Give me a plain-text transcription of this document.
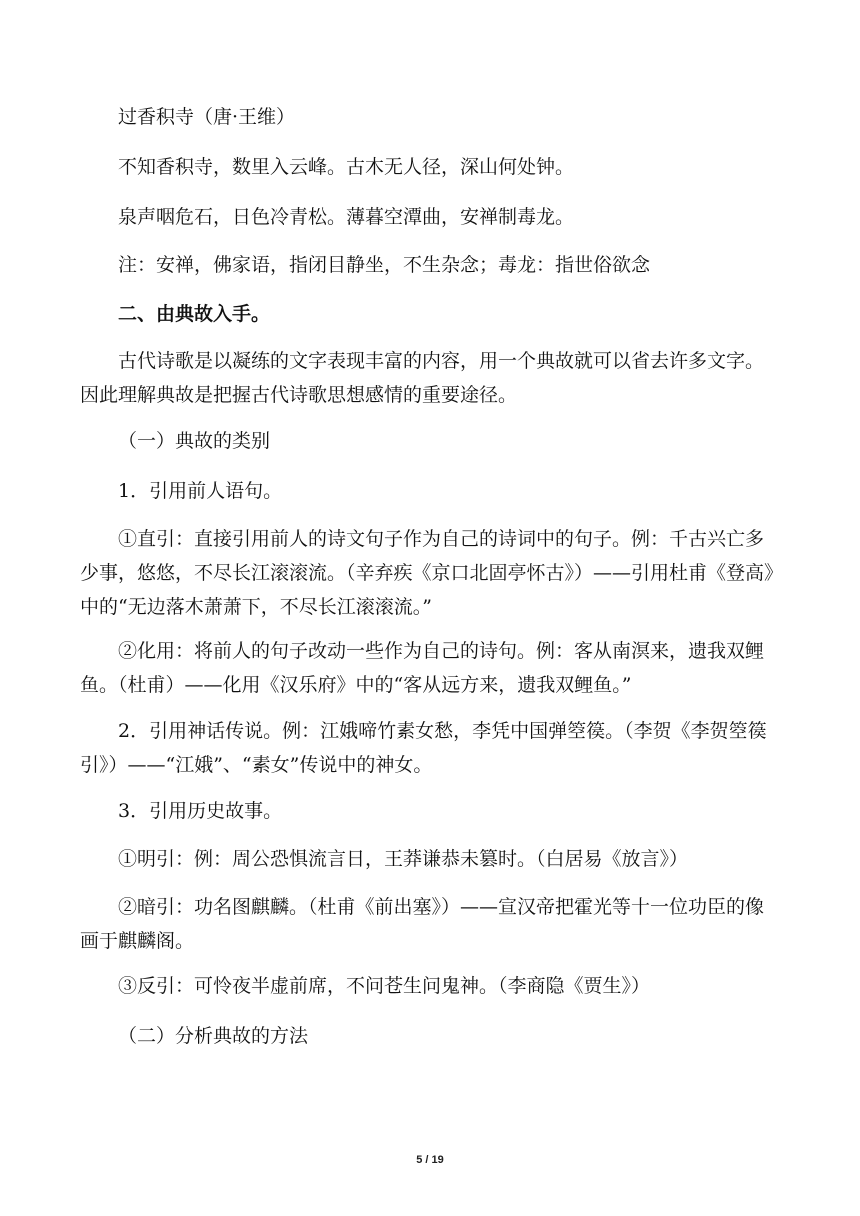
过香积寺（唐·王维）

不知香积寺，数里入云峰。古木无人径，深山何处钟。

泉声咽危石，日色冷青松。薄暮空潭曲，安禅制毒龙。

注：安禅，佛家语，指闭目静坐，不生杂念；毒龙：指世俗欲念

二、由典故入手。

古代诗歌是以凝练的文字表现丰富的内容，用一个典故就可以省去许多文字。因此理解典故是把握古代诗歌思想感情的重要途径。

（一）典故的类别

1．引用前人语句。

①直引：直接引用前人的诗文句子作为自己的诗词中的句子。例：千古兴亡多少事，悠悠，不尽长江滚滚流。（辛弃疾《京口北固亭怀古》）——引用杜甫《登高》中的“无边落木萧萧下，不尽长江滚滚流。”

②化用：将前人的句子改动一些作为自己的诗句。例：客从南溟来，遗我双鲤鱼。（杜甫）——化用《汉乐府》中的“客从远方来，遗我双鲤鱼。”

2．引用神话传说。例：江娥啼竹素女愁，李凭中国弹箜篌。（李贺《李贺箜篌引》）——“江娥”、“素女”传说中的神女。

3．引用历史故事。

①明引：例：周公恐惧流言日，王莽谦恭未篡时。（白居易《放言》）

②暗引：功名图麒麟。（杜甫《前出塞》）——宣汉帝把霍光等十一位功臣的像画于麒麟阁。

③反引：可怜夜半虚前席，不问苍生问鬼神。（李商隐《贾生》）

（二）分析典故的方法

5 / 19
